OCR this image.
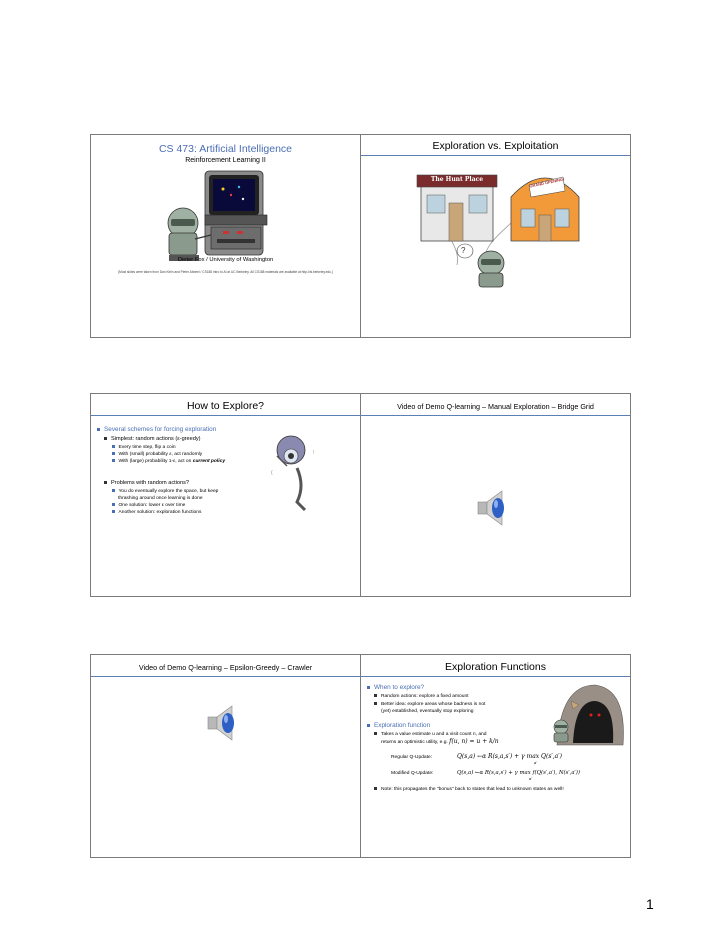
CS 473: Artificial Intelligence
Reinforcement Learning II
Dieter Fox / University of Washington
[Most slides were taken from Dan Klein and Pieter Abbeel / CS188 Intro to AI at UC Berkeley. All CS188 materials are available at http://ai.berkeley.edu.]
Exploration vs. Exploitation
The Hunt Place	GRAND OPENING!
?
How to Explore?
Several schemes for forcing exploration
Simplest: random actions (ε-greedy)
Every time step, flip a coin
With (small) probability ε, act randomly
With (large) probability 1-ε, act on current policy
Problems with random actions?
You do eventually explore the space, but keep
thrashing around once learning is done
One solution: lower ε over time
Another solution: exploration functions
!
(
Video of Demo Q-learning – Manual Exploration – Bridge Grid
Video of Demo Q-learning – Epsilon-Greedy – Crawler	Exploration Functions
When to explore?
Random actions: explore a fixed amount
Better idea: explore areas whose badness is not
(yet) established, eventually stop exploring
Exploration function
Takes a value estimate u and a visit count n, and
returns an optimistic utility, e.g. f(u, n) = u + k/n
Regular Q-Update:	Q(s,a) ←α R(s,a,s′) + γ max Q(s′,a′)
a′
Modified Q-Update:	Q(s,a) ←α R(s,a,s′) + γ max f(Q(s′,a′), N(s′,a′))
a′
Note: this propagates the “bonus” back to states that lead to unknown states as well!
1
